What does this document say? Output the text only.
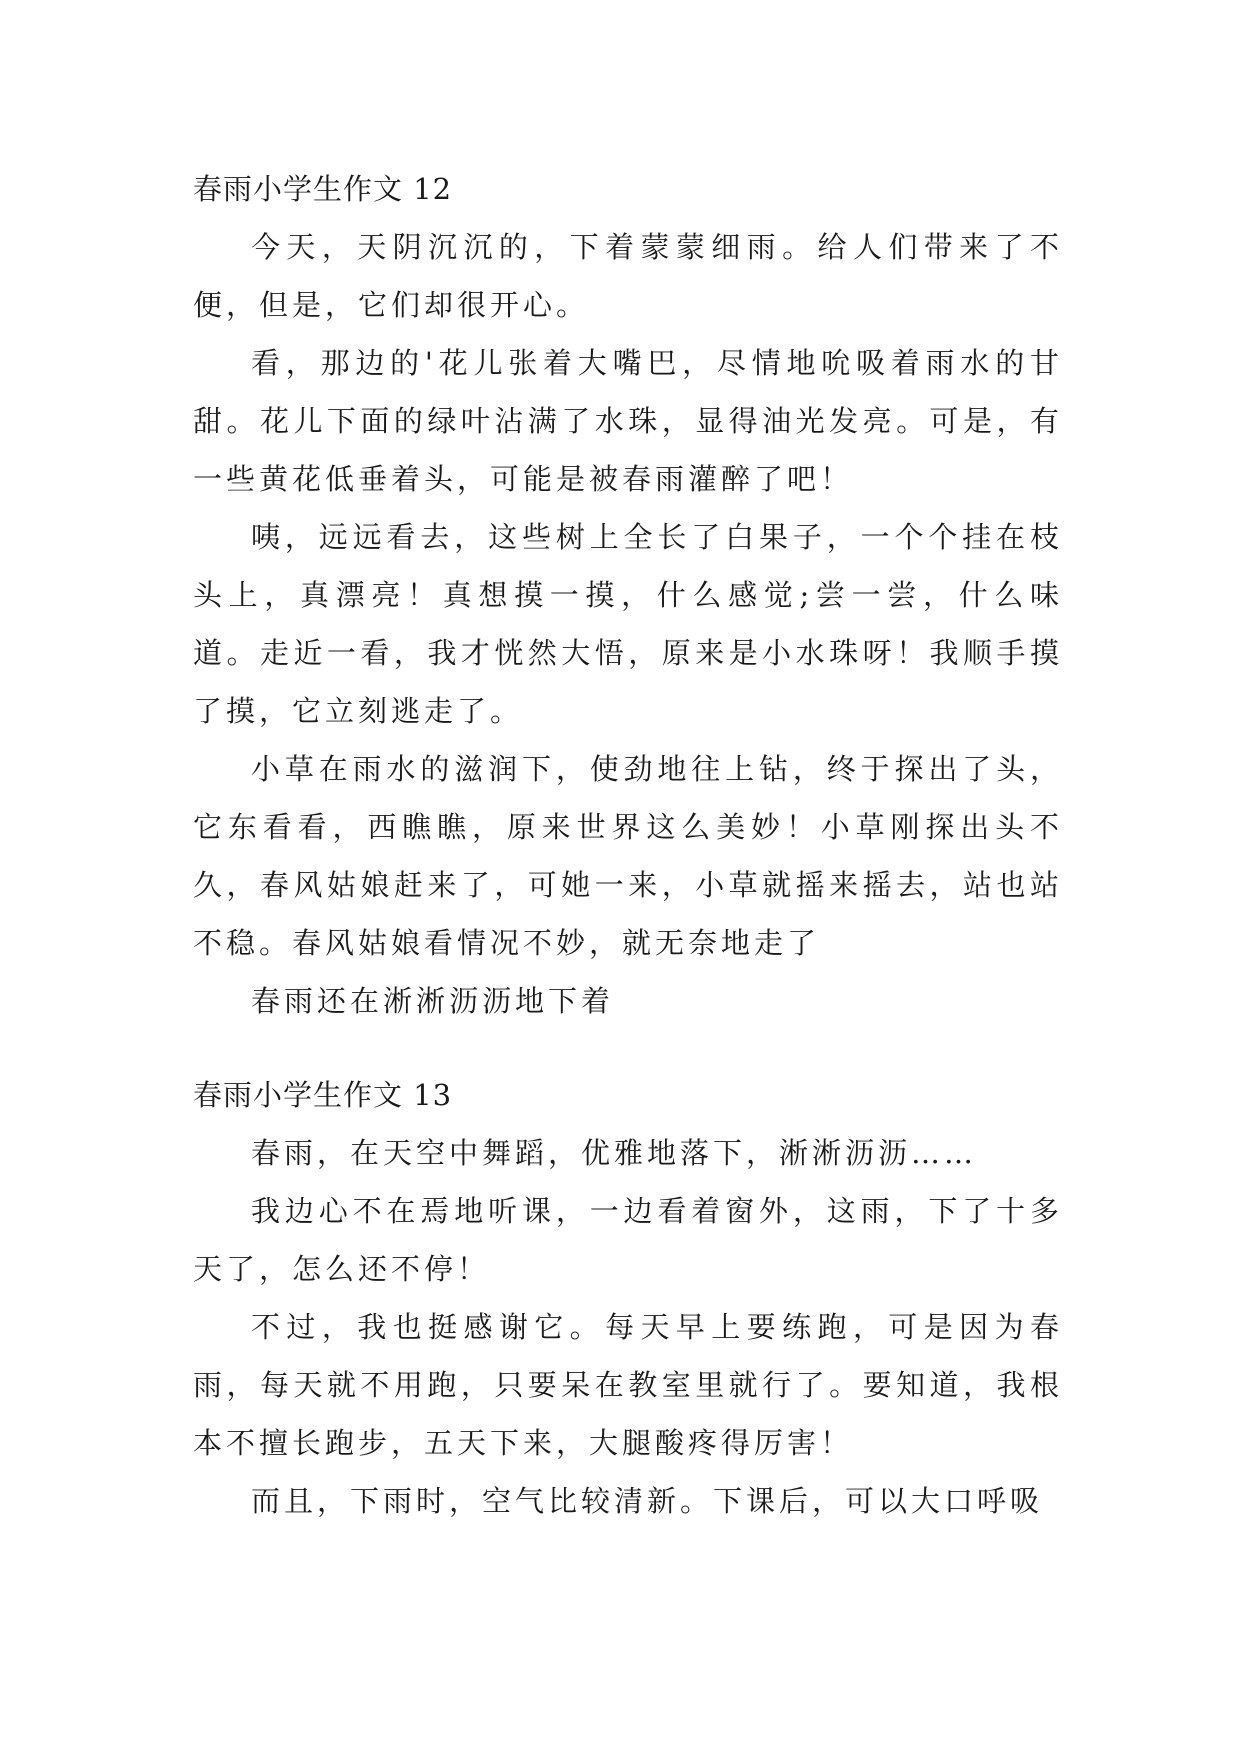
春雨小学生作文 12

今天，天阴沉沉的，下着蒙蒙细雨。给人们带来了不便，但是，它们却很开心。

看，那边的'花儿张着大嘴巴，尽情地吮吸着雨水的甘甜。花儿下面的绿叶沾满了水珠，显得油光发亮。可是，有一些黄花低垂着头，可能是被春雨灌醉了吧！

咦，远远看去，这些树上全长了白果子，一个个挂在枝头上，真漂亮！真想摸一摸，什么感觉;尝一尝，什么味道。走近一看，我才恍然大悟，原来是小水珠呀！我顺手摸了摸，它立刻逃走了。

小草在雨水的滋润下，使劲地往上钻，终于探出了头，它东看看，西瞧瞧，原来世界这么美妙！小草刚探出头不久，春风姑娘赶来了，可她一来，小草就摇来摇去，站也站不稳。春风姑娘看情况不妙，就无奈地走了

春雨还在淅淅沥沥地下着

春雨小学生作文 13

春雨，在天空中舞蹈，优雅地落下，淅淅沥沥……

我边心不在焉地听课，一边看着窗外，这雨，下了十多天了，怎么还不停！

不过，我也挺感谢它。每天早上要练跑，可是因为春雨，每天就不用跑，只要呆在教室里就行了。要知道，我根本不擅长跑步，五天下来，大腿酸疼得厉害！

而且，下雨时，空气比较清新。下课后，可以大口呼吸
